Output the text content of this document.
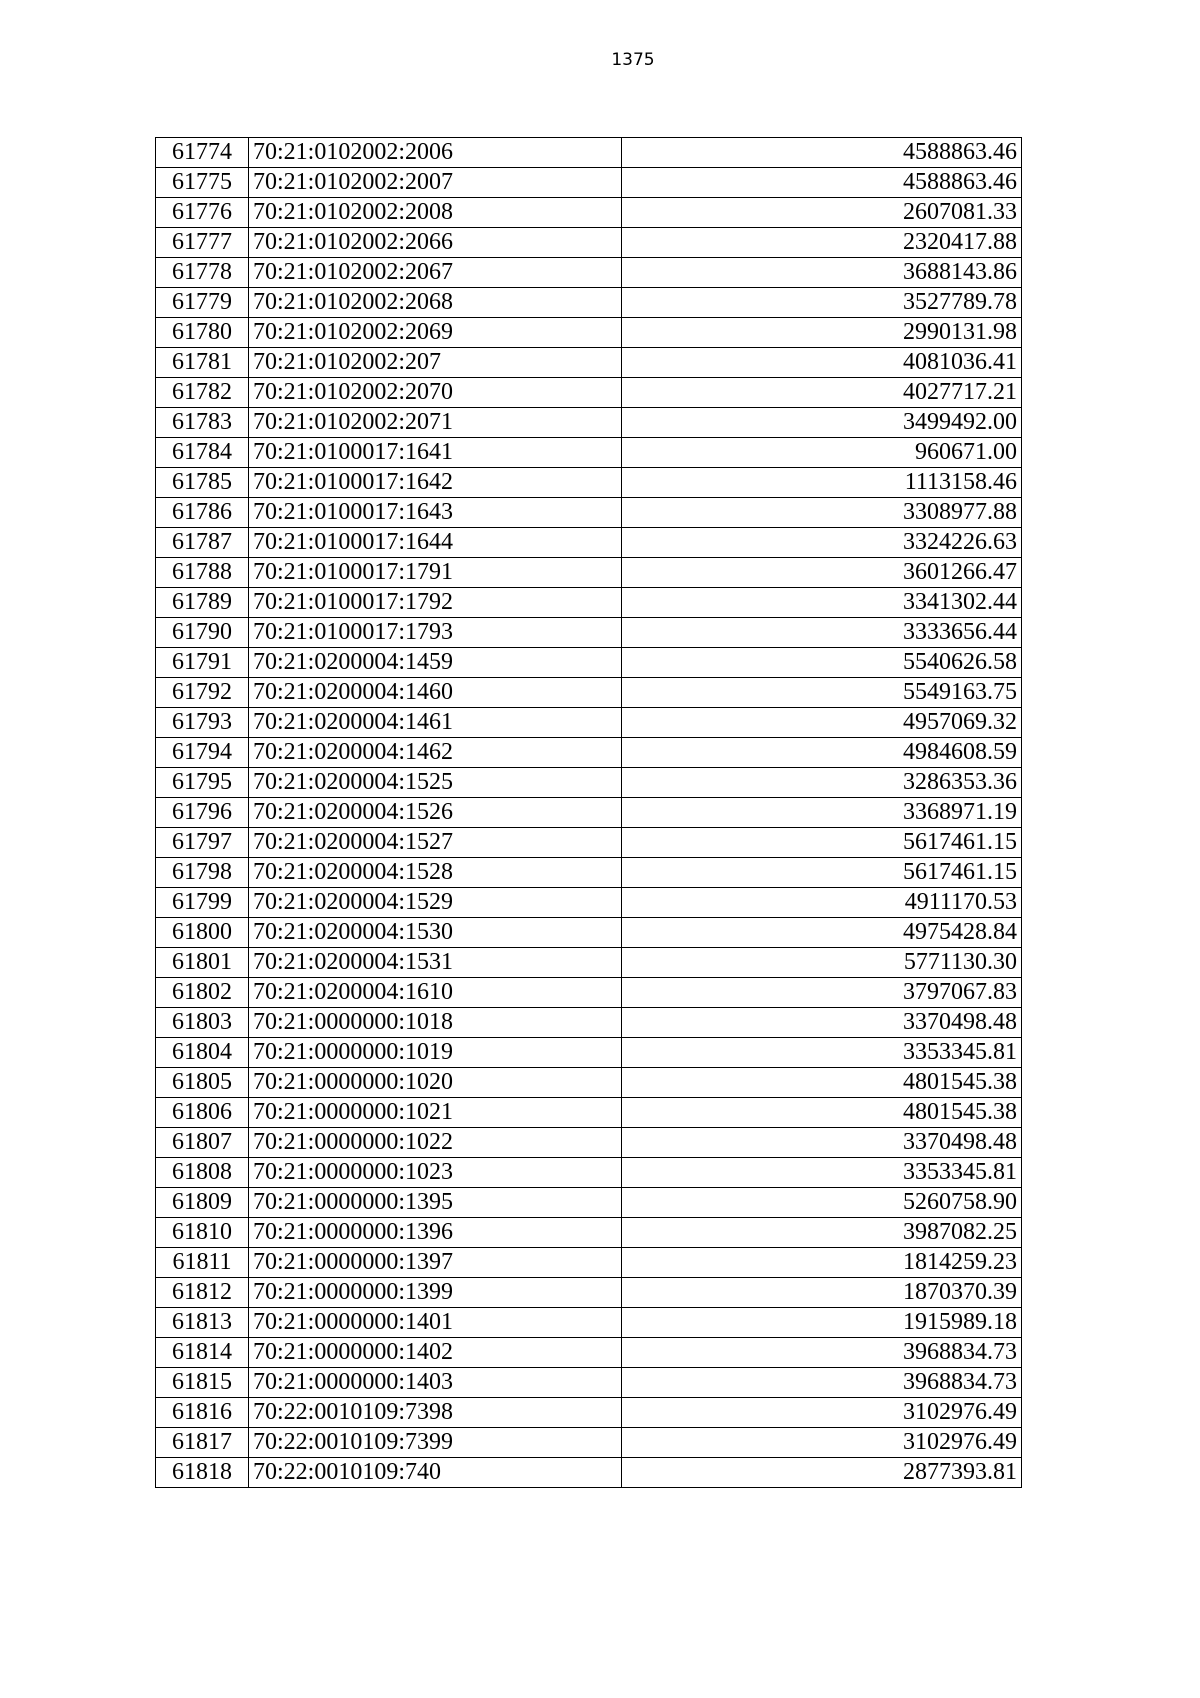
1375
61774	70:21:0102002:2006	4588863.46
61775	70:21:0102002:2007	4588863.46
61776	70:21:0102002:2008	2607081.33
61777	70:21:0102002:2066	2320417.88
61778	70:21:0102002:2067	3688143.86
61779	70:21:0102002:2068	3527789.78
61780	70:21:0102002:2069	2990131.98
61781	70:21:0102002:207	4081036.41
61782	70:21:0102002:2070	4027717.21
61783	70:21:0102002:2071	3499492.00
61784	70:21:0100017:1641	960671.00
61785	70:21:0100017:1642	1113158.46
61786	70:21:0100017:1643	3308977.88
61787	70:21:0100017:1644	3324226.63
61788	70:21:0100017:1791	3601266.47
61789	70:21:0100017:1792	3341302.44
61790	70:21:0100017:1793	3333656.44
61791	70:21:0200004:1459	5540626.58
61792	70:21:0200004:1460	5549163.75
61793	70:21:0200004:1461	4957069.32
61794	70:21:0200004:1462	4984608.59
61795	70:21:0200004:1525	3286353.36
61796	70:21:0200004:1526	3368971.19
61797	70:21:0200004:1527	5617461.15
61798	70:21:0200004:1528	5617461.15
61799	70:21:0200004:1529	4911170.53
61800	70:21:0200004:1530	4975428.84
61801	70:21:0200004:1531	5771130.30
61802	70:21:0200004:1610	3797067.83
61803	70:21:0000000:1018	3370498.48
61804	70:21:0000000:1019	3353345.81
61805	70:21:0000000:1020	4801545.38
61806	70:21:0000000:1021	4801545.38
61807	70:21:0000000:1022	3370498.48
61808	70:21:0000000:1023	3353345.81
61809	70:21:0000000:1395	5260758.90
61810	70:21:0000000:1396	3987082.25
61811	70:21:0000000:1397	1814259.23
61812	70:21:0000000:1399	1870370.39
61813	70:21:0000000:1401	1915989.18
61814	70:21:0000000:1402	3968834.73
61815	70:21:0000000:1403	3968834.73
61816	70:22:0010109:7398	3102976.49
61817	70:22:0010109:7399	3102976.49
61818	70:22:0010109:740	2877393.81
